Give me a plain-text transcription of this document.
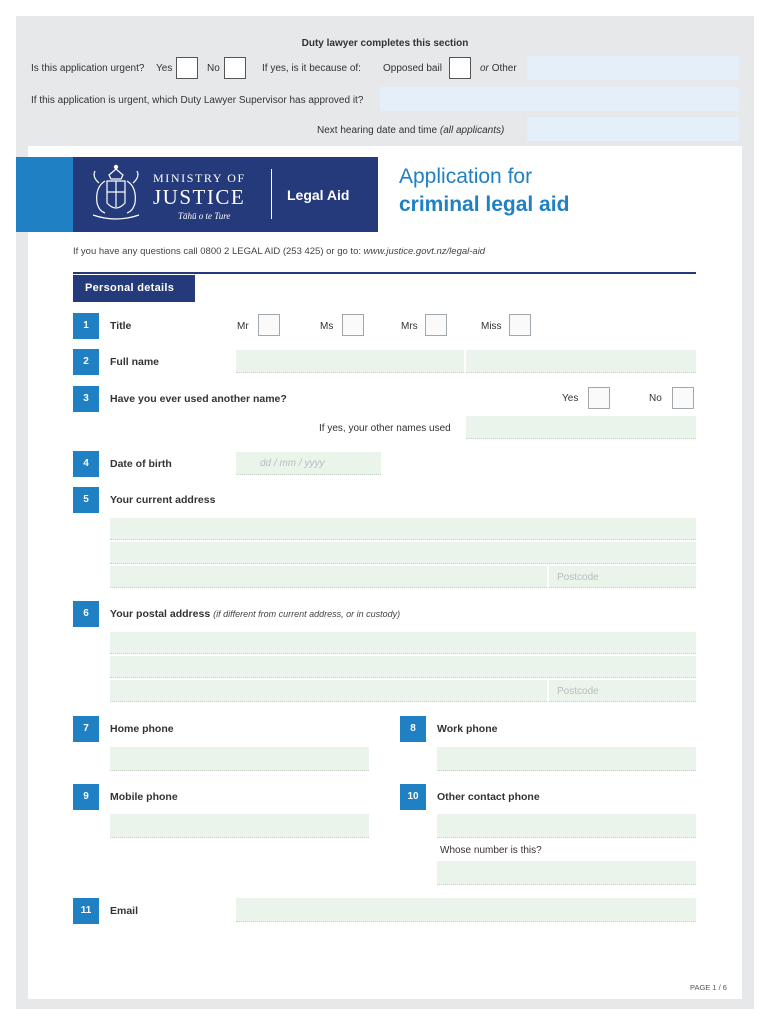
Duty lawyer completes this section
Is this application urgent? Yes	No	If yes, is it because of: Opposed bail	or Other
If this application is urgent, which Duty Lawyer Supervisor has approved it?
Next hearing date and time (all applicants)
MINISTRY OF
JUSTICE
Tāhū o te Ture
Legal Aid
Application for
criminal legal aid
If you have any questions call 0800 2 LEGAL AID (253 425) or go to: www.justice.govt.nz/legal-aid
Personal details
1	Title	Mr	Ms	Mrs	Miss
2	Full name
3	Have you ever used another name?	Yes	No
If yes, your other names used
4	Date of birth	dd / mm / yyyy
5	Your current address
Postcode
6	Your postal address (if different from current address, or in custody)
Postcode
7	Home phone	8	Work phone
9	Mobile phone	10	Other contact phone
Whose number is this?
11	Email
PAGE 1 / 6
